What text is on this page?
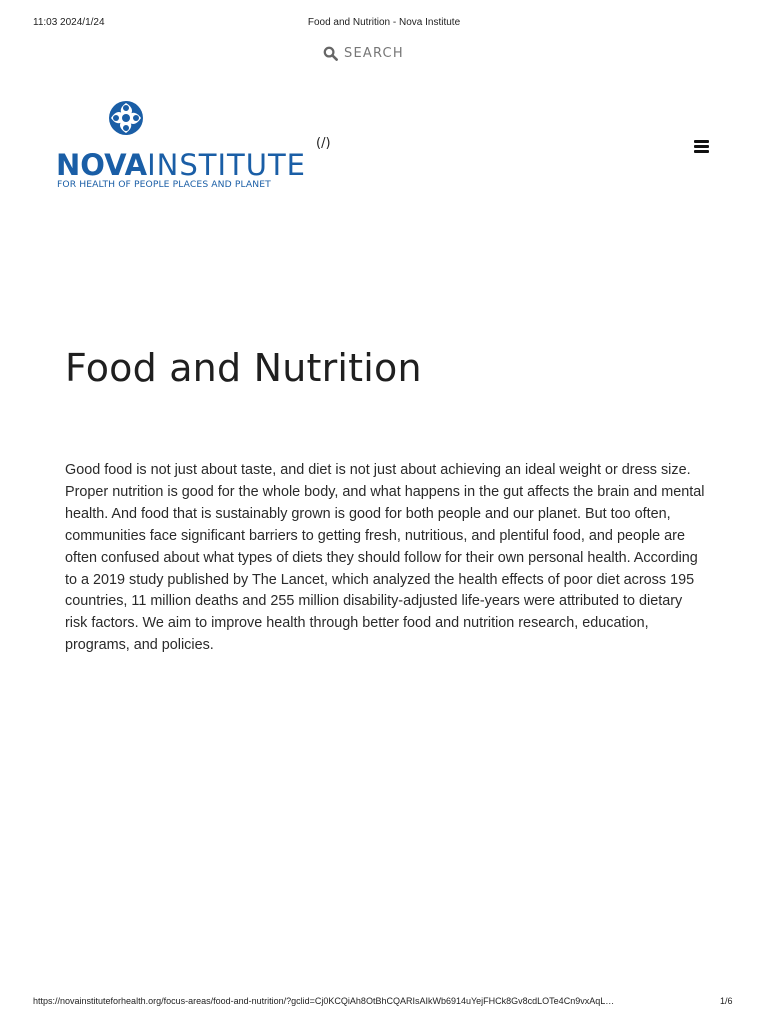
11:03 2024/1/24	Food and Nutrition - Nova Institute
SEARCH
NOVAINSTITUTE
FOR HEALTH OF PEOPLE PLACES AND PLANET
(/)
Food and Nutrition

Good food is not just about taste, and diet is not just about achieving an ideal weight or dress size. Proper nutrition is good for the whole body, and what happens in the gut affects the brain and mental health. And food that is sustainably grown is good for both people and our planet. But too often, communities face significant barriers to getting fresh, nutritious, and plentiful food, and people are often confused about what types of diets they should follow for their own personal health. According to a 2019 study published by The Lancet, which analyzed the health effects of poor diet across 195 countries, 11 million deaths and 255 million disability-adjusted life-years were attributed to dietary risk factors. We aim to improve health through better food and nutrition research, education, programs, and policies.

https://novainstituteforhealth.org/focus-areas/food-and-nutrition/?gclid=Cj0KCQiAh8OtBhCQARIsAIkWb6914uYejFHCk8Gv8cdLOTe4Cn9vxAqL…	1/6
